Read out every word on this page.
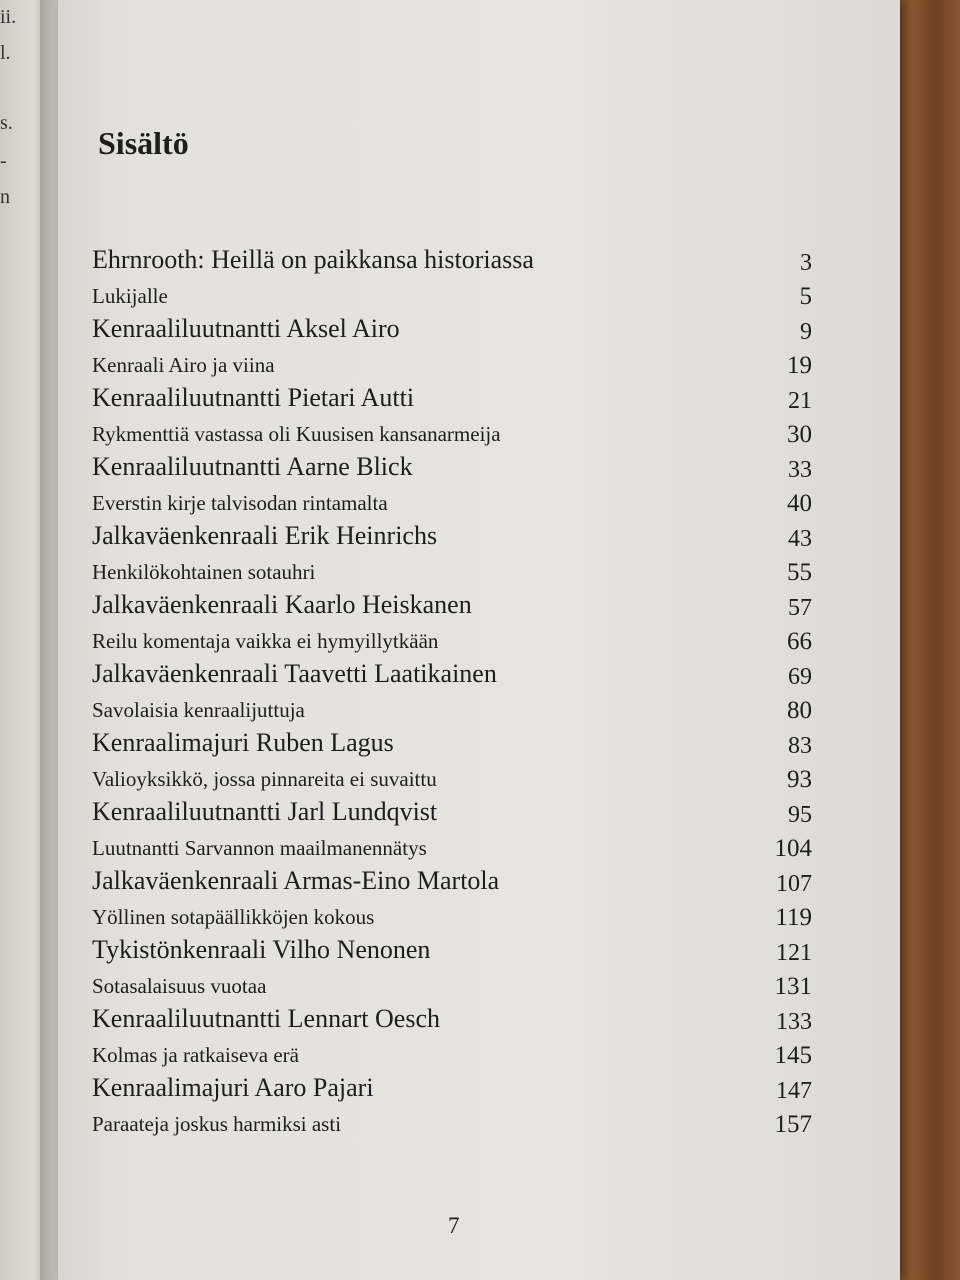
ii.
l.
s.
-
n
Sisältö
Ehrnrooth: Heillä on paikkansa historiassa	3
Lukijalle	5
Kenraaliluutnantti Aksel Airo	9
Kenraali Airo ja viina	19
Kenraaliluutnantti Pietari Autti	21
Rykmenttiä vastassa oli Kuusisen kansanarmeija	30
Kenraaliluutnantti Aarne Blick	33
Everstin kirje talvisodan rintamalta	40
Jalkaväenkenraali Erik Heinrichs	43
Henkilökohtainen sotauhri	55
Jalkaväenkenraali Kaarlo Heiskanen	57
Reilu komentaja vaikka ei hymyillytkään	66
Jalkaväenkenraali Taavetti Laatikainen	69
Savolaisia kenraalijuttuja	80
Kenraalimajuri Ruben Lagus	83
Valioyksikkö, jossa pinnareita ei suvaittu	93
Kenraaliluutnantti Jarl Lundqvist	95
Luutnantti Sarvannon maailmanennätys	104
Jalkaväenkenraali Armas-Eino Martola	107
Yöllinen sotapäällikköjen kokous	119
Tykistönkenraali Vilho Nenonen	121
Sotasalaisuus vuotaa	131
Kenraaliluutnantti Lennart Oesch	133
Kolmas ja ratkaiseva erä	145
Kenraalimajuri Aaro Pajari	147
Paraateja joskus harmiksi asti	157
7
